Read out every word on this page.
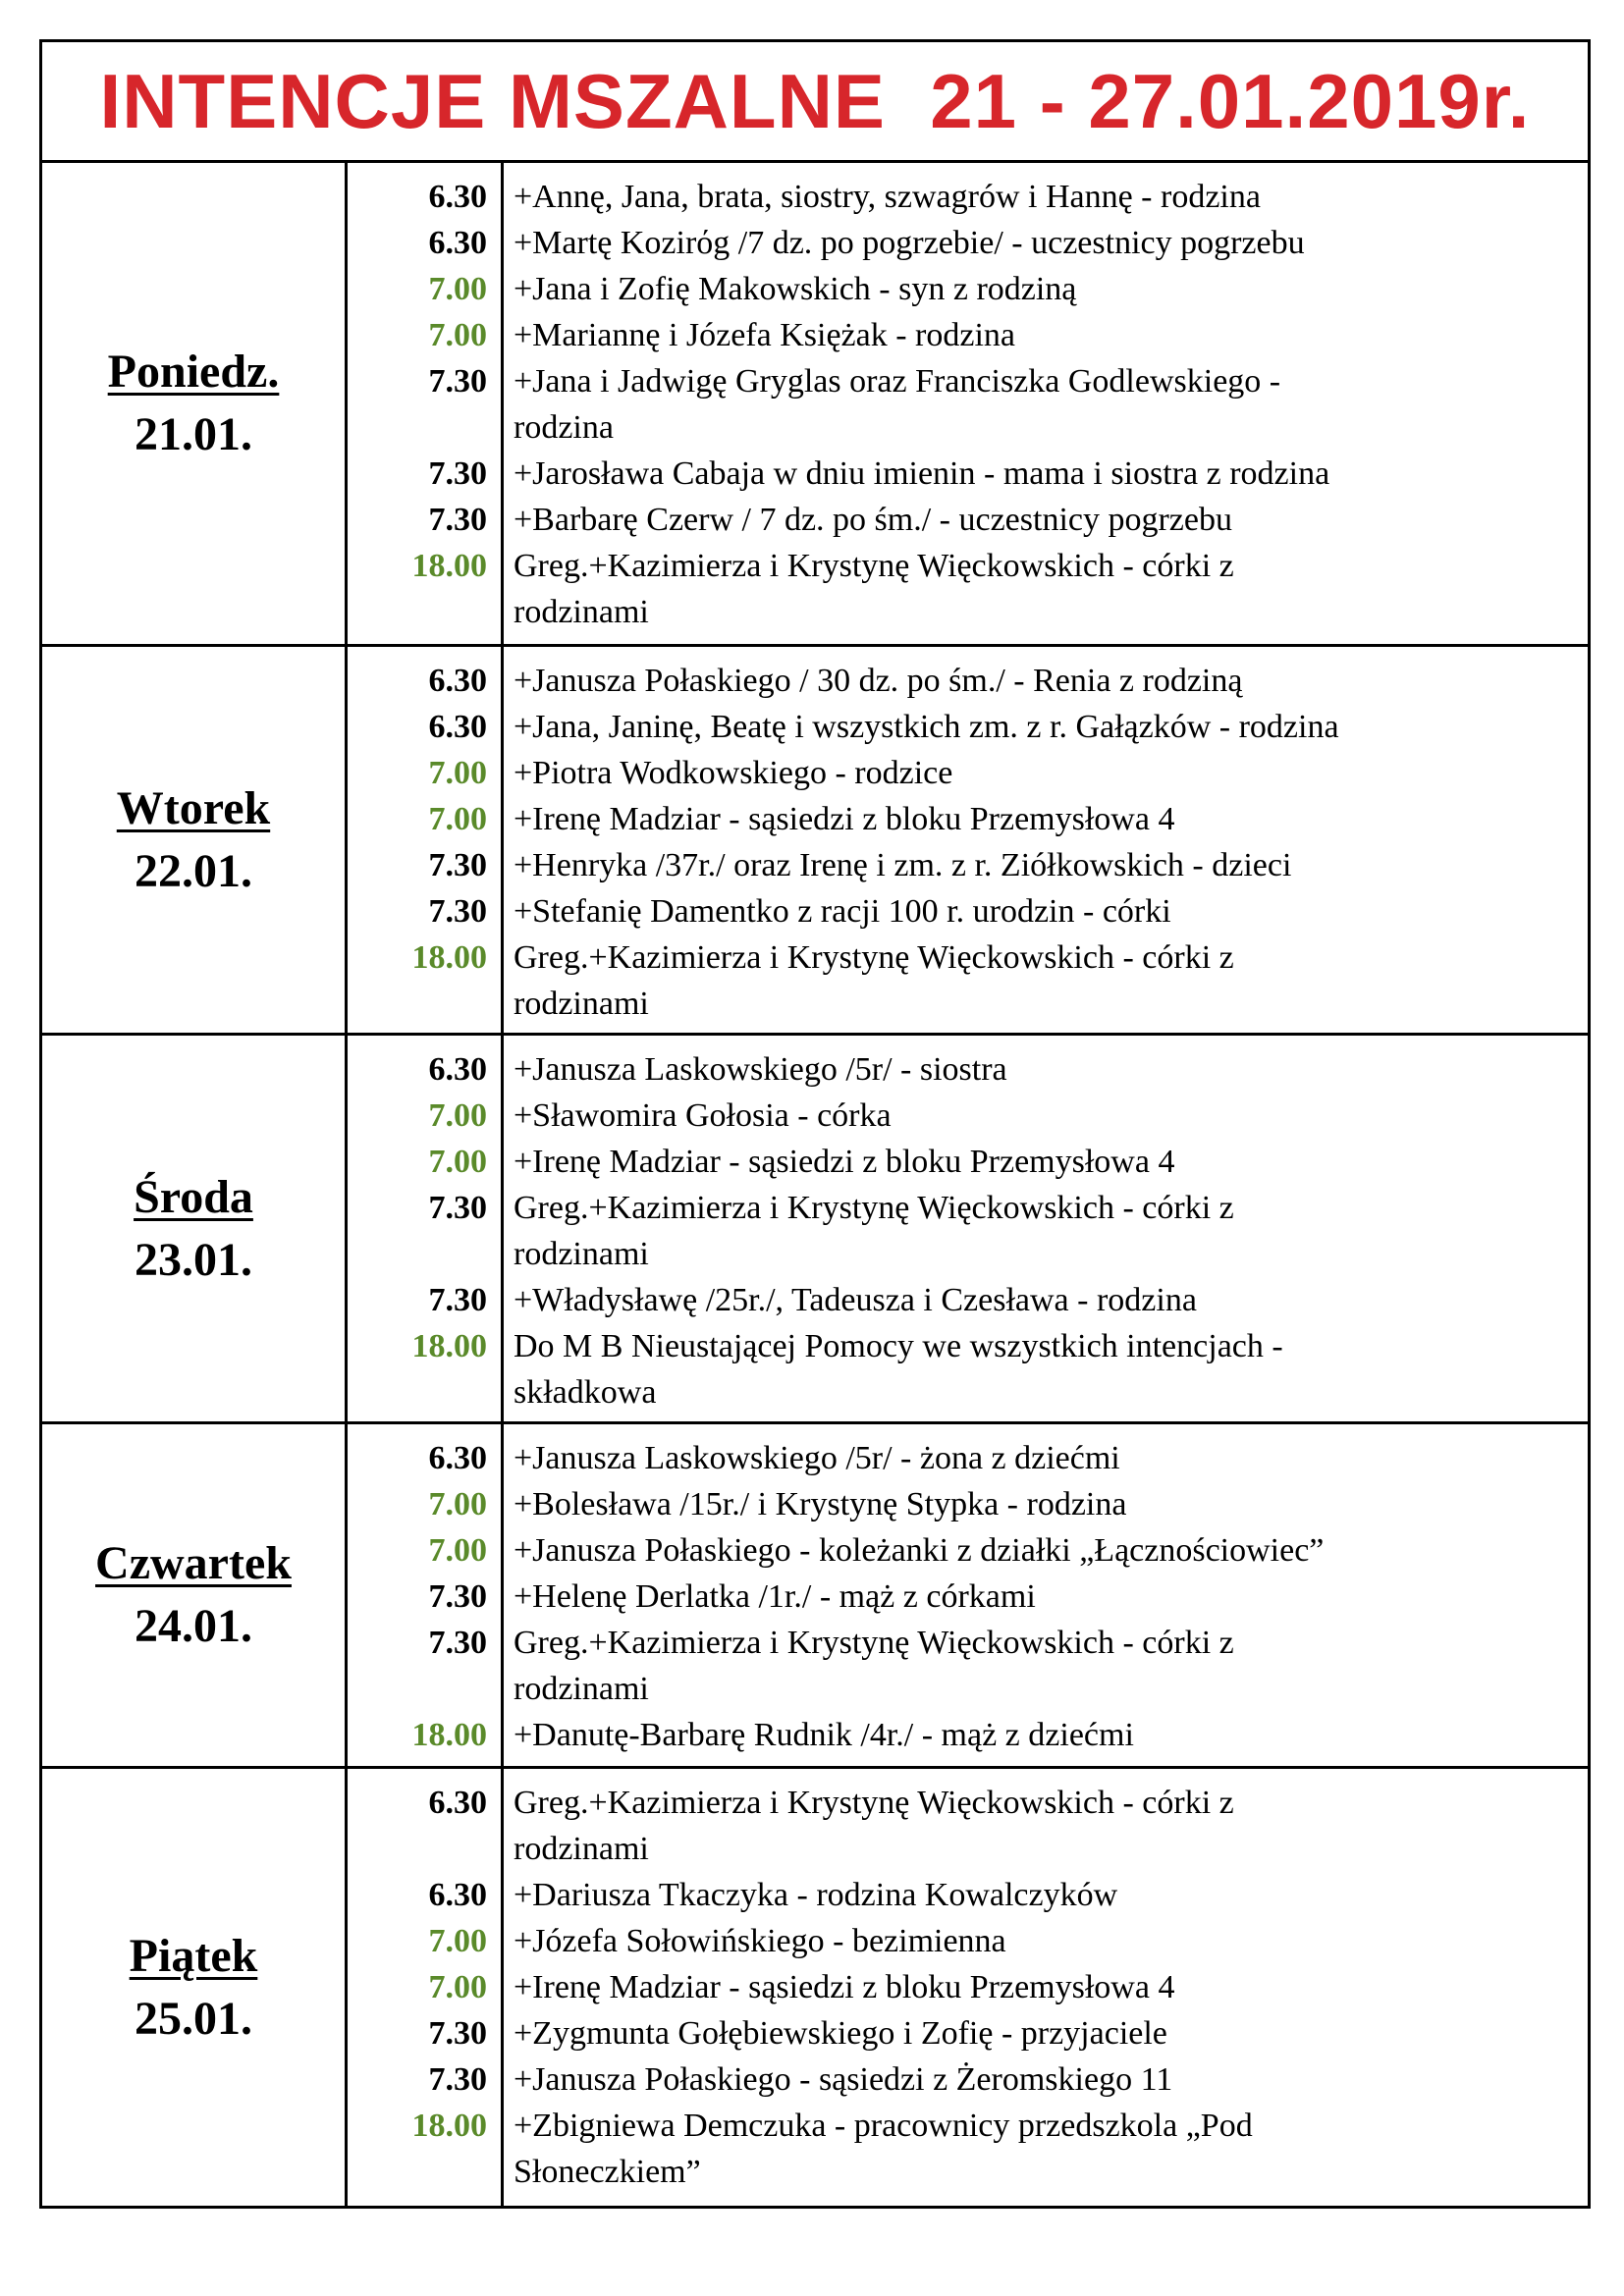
INTENCJE MSZALNE  21 - 27.01.2019r.
Poniedz.
21.01.
6.30
6.30
7.00
7.00
7.30
7.30
7.30
18.00
+Annę, Jana, brata, siostry, szwagrów i Hannę - rodzina
+Martę Kozirόg /7 dz. po pogrzebie/ - uczestnicy pogrzebu
+Jana i Zofię Makowskich - syn z rodziną
+Mariannę i Józefa Księżak - rodzina
+Jana i Jadwigę Gryglas oraz Franciszka Godlewskiego -
rodzina
+Jarosława Cabaja w dniu imienin - mama i siostra z rodzina
+Barbarę Czerw / 7 dz. po śm./ - uczestnicy pogrzebu
Greg.+Kazimierza i Krystynę Więckowskich - córki z
rodzinami
Wtorek
22.01.
6.30
6.30
7.00
7.00
7.30
7.30
18.00
+Janusza Połaskiego / 30 dz. po śm./ - Renia z rodziną
+Jana, Janinę, Beatę i wszystkich zm. z r. Gałązków - rodzina
+Piotra Wodkowskiego - rodzice
+Irenę Madziar - sąsiedzi z bloku Przemysłowa 4
+Henryka /37r./ oraz Irenę i zm. z r. Ziółkowskich - dzieci
+Stefanię Damentko z racji 100 r. urodzin - córki
Greg.+Kazimierza i Krystynę Więckowskich - córki z
rodzinami
Środa
23.01.
6.30
7.00
7.00
7.30
7.30
18.00
+Janusza Laskowskiego /5r/ - siostra
+Sławomira Gołosia - córka
+Irenę Madziar - sąsiedzi z bloku Przemysłowa 4
Greg.+Kazimierza i Krystynę Więckowskich - córki z
rodzinami
+Władysławę /25r./, Tadeusza i Czesława - rodzina
Do M B Nieustającej Pomocy we wszystkich intencjach -
składkowa
Czwartek
24.01.
6.30
7.00
7.00
7.30
7.30
18.00
+Janusza Laskowskiego /5r/ - żona z dziećmi
+Bolesława /15r./ i Krystynę Stypka - rodzina
+Janusza Połaskiego - koleżanki z działki „Łącznościowiec”
+Helenę Derlatka /1r./ - mąż z córkami
Greg.+Kazimierza i Krystynę Więckowskich - córki z
rodzinami
+Danutę-Barbarę Rudnik /4r./ - mąż z dziećmi
Piątek
25.01.
6.30
6.30
7.00
7.00
7.30
7.30
18.00
Greg.+Kazimierza i Krystynę Więckowskich - córki z
rodzinami
+Dariusza Tkaczyka - rodzina Kowalczyków
+Józefa Sołowińskiego - bezimienna
+Irenę Madziar - sąsiedzi z bloku Przemysłowa 4
+Zygmunta Gołębiewskiego i Zofię - przyjaciele
+Janusza Połaskiego - sąsiedzi z Żeromskiego 11
+Zbigniewa Demczuka - pracownicy przedszkola „Pod
Słoneczkiem”
